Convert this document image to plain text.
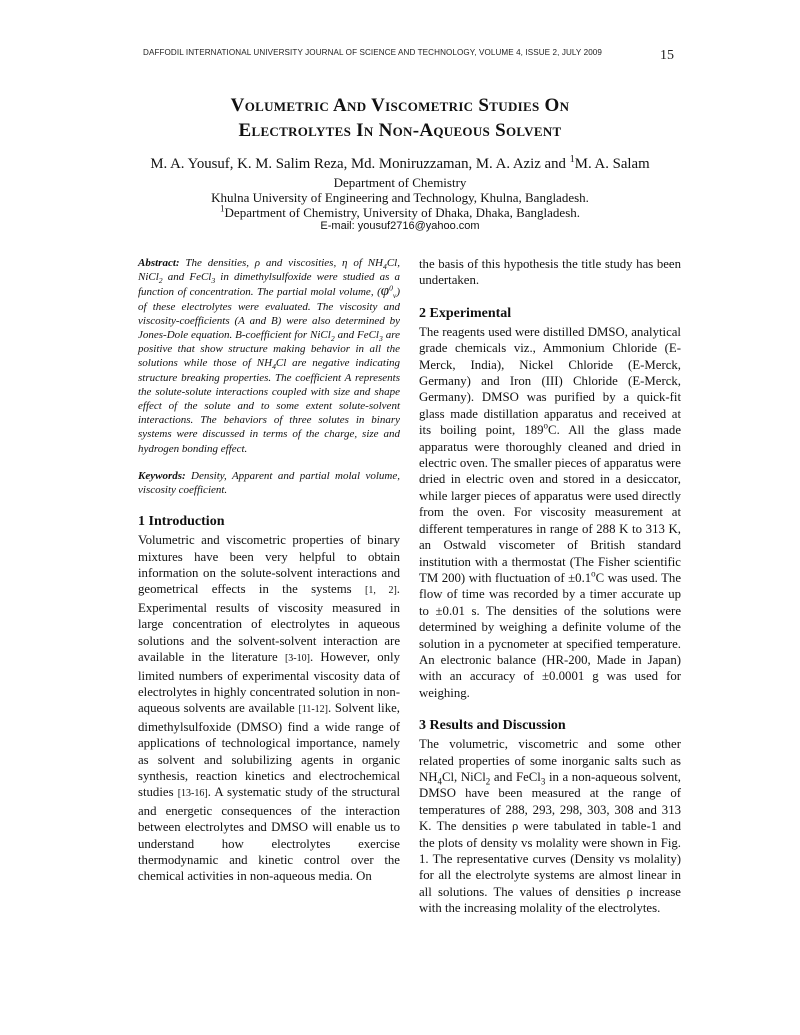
DAFFODIL INTERNATIONAL UNIVERSITY JOURNAL OF SCIENCE AND TECHNOLOGY, VOLUME 4, ISSUE 2, JULY 2009	15
Volumetric And Viscometric Studies On
Electrolytes In Non-Aqueous Solvent
M. A. Yousuf, K. M. Salim Reza, Md. Moniruzzaman, M. A. Aziz and $^1$M. A. Salam
Department of Chemistry
Khulna University of Engineering and Technology, Khulna, Bangladesh.
$^1$Department of Chemistry, University of Dhaka, Dhaka, Bangladesh.
E-mail: yousuf2716@yahoo.com

Abstract: The densities, ρ and viscosities, η of $NH_4Cl$, NiCl$_2$ and FeCl$_3$ in dimethylsulfoxide were studied as a function of concentration. The partial molal volume, $(\varphi^0_v)$ of these electrolytes were evaluated. The viscosity and viscosity-coefficients (A and B) were also determined by Jones-Dole equation. B-coefficient for NiCl$_2$ and FeCl$_3$ are positive that show structure making behavior in all the solutions while those of $NH_4Cl$ are negative indicating structure breaking properties. The coefficient A represents the solute-solute interactions coupled with size and shape effect of the solute and to some extent solute-solvent interactions. The behaviors of three solutes in binary systems were discussed in terms of the charge, size and hydrogen bonding effect.

Keywords: Density, Apparent and partial molal volume, viscosity coefficient.

1 Introduction

Volumetric and viscometric properties of binary mixtures have been very helpful to obtain information on the solute-solvent interactions and geometrical effects in the systems [1, 2]. Experimental results of viscosity measured in large concentration of electrolytes in aqueous solutions and the solvent-solvent interaction are available in the literature [3-10]. However, only limited numbers of experimental viscosity data of electrolytes in highly concentrated solution in non-aqueous solvents are available [11-12]. Solvent like, dimethylsulfoxide (DMSO) find a wide range of applications of technological importance, namely as solvent and solubilizing agents in organic synthesis, reaction kinetics and electrochemical studies [13-16]. A systematic study of the structural and energetic consequences of the interaction between electrolytes and DMSO will enable us to understand how electrolytes exercise thermodynamic and kinetic control over the chemical activities in non-aqueous media. On

the basis of this hypothesis the title study has been undertaken.

2 Experimental

The reagents used were distilled DMSO, analytical grade chemicals viz., Ammonium Chloride (E-Merck, India), Nickel Chloride (E-Merck, Germany) and Iron (III) Chloride (E-Merck, Germany). DMSO was purified by a quick-fit glass made distillation apparatus and received at its boiling point, 189$^o$C. All the glass made apparatus were thoroughly cleaned and dried in electric oven. The smaller pieces of apparatus were dried in electric oven and stored in a desiccator, while larger pieces of apparatus were used directly from the oven. For viscosity measurement at different temperatures in range of 288 K to 313 K, an Ostwald viscometer of British standard institution with a thermostat (The Fisher scientific TM 200) with fluctuation of $\pm 0.1^oC$ was used. The flow of time was recorded by a timer accurate up to ±0.01 s. The densities of the solutions were determined by weighing a definite volume of the solution in a pycnometer at specified temperature. An electronic balance (HR-200, Made in Japan) with an accuracy of ±0.0001 g was used for weighing.

3 Results and Discussion

The volumetric, viscometric and some other related properties of some inorganic salts such as $NH_4Cl$, NiCl$_2$ and FeCl$_3$ in a non-aqueous solvent, DMSO have been measured at the range of temperatures of 288, 293, 298, 303, 308 and 313 K. The densities ρ were tabulated in table-1 and the plots of density vs molality were shown in Fig. 1. The representative curves (Density vs molality) for all the electrolyte systems are almost linear in all solutions. The values of densities ρ increase with the increasing molality of the electrolytes.
